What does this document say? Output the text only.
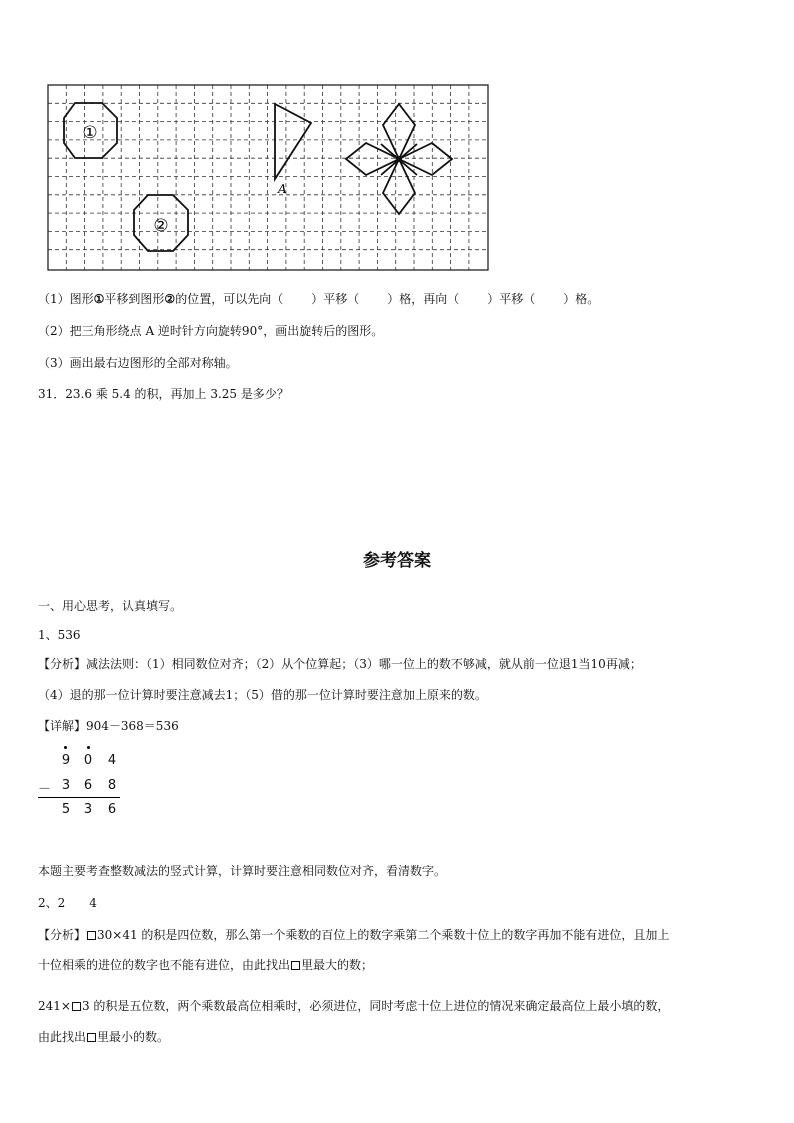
①
②
A
（1）图形①平移到图形②的位置，可以先向（ ）平移（ ）格，再向（ ）平移（ ）格。
（2）把三角形绕点 A 逆时针方向旋转90°，画出旋转后的图形。
（3）画出最右边图形的全部对称轴。
31．23.6 乘 5.4 的积，再加上 3.25 是多少？
参考答案
一、用心思考，认真填写。
1、536
【分析】减法法则：（1）相同数位对齐；（2）从个位算起；（3）哪一位上的数不够减，就从前一位退1当10再减；
（4）退的那一位计算时要注意减去1；（5）借的那一位计算时要注意加上原来的数。
【详解】904－368＝536
9 0 4
－ 3 6 8
5 3 6
本题主要考查整数减法的竖式计算，计算时要注意相同数位对齐，看清数字。
2、2　　4
【分析】 30×41 的积是四位数，那么第一个乘数的百位上的数字乘第二个乘数十位上的数字再加不能有进位，且加上
十位相乘的进位的数字也不能有进位，由此找出 里最大的数；
241× 3 的积是五位数，两个乘数最高位相乘时，必须进位，同时考虑十位上进位的情况来确定最高位上最小填的数，
由此找出 里最小的数。
